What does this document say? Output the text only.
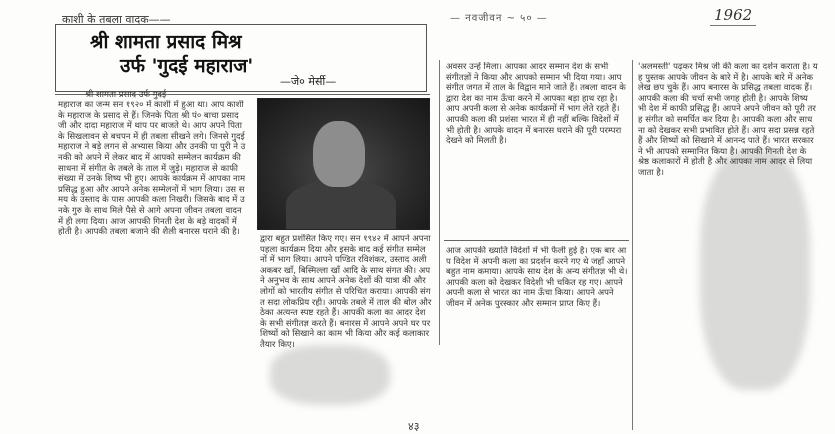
काशी के तबला वादक——	— नवजीवन ~ ५० —	1962
श्री शामता प्रसाद मिश्र
उर्फ 'गुदई महाराज'
—जे० मेर्सी—
श्री शामता प्रसाद उर्फ गुदई
महाराज का जन्म सन १९२० में काशी में हुआ था। आप काशी के महाराज के प्रसाद से हैं। जिनके पिता श्री पं० बाचा प्रसाद जी और दादा महाराज में थाप पर बाजते थे। आप अपने पिता के सिखलावन से बचपन में ही तबला सीखने लगे। जिनसे गुदई महाराज ने बड़े लगन से अभ्यास किया और उनकी पा पुरी ने उनकी को अपने में लेकर बाद में आपको सम्मेलन कार्यक्रम की साधना में संगीत के तबले के ताल में जुड़े। महाराज से काफी संख्या में उनके शिष्य भी हुए। आपके कार्यक्रम में आपका नाम प्रसिद्ध हुआ और आपने अनेक सम्मेलनों में भाग लिया। उस समय के उस्ताद के पास आपकी कला निखरी। जिसके बाद में उनके गुरु के साथ मिले पैसे से आगे अपना जीवन तबला वादन में ही लगा दिया। आज आपकी गिनती देश के बड़े वादकों में होती है। आपकी तबला बजाने की शैली बनारस घराने की है।
द्वारा बहुत प्रशंसित किए गए। सन १९४२ में आपने अपना पहला कार्यक्रम दिया और इसके बाद कई संगीत सम्मेलनों में भाग लिया। आपने पण्डित रविशंकर, उस्ताद अली अकबर खाँ, बिस्मिल्ला खाँ आदि के साथ संगत की। अपने अनुभव के साथ आपने अनेक देशों की यात्रा की और लोगों को भारतीय संगीत से परिचित कराया। आपकी संगत सदा लोकप्रिय रही। आपके तबले में ताल की बोल और ठेका अत्यन्त स्पष्ट रहते हैं। आपकी कला का आदर देश के सभी संगीतज्ञ करते हैं। बनारस में आपने अपने घर पर शिष्यों को सिखाने का काम भी किया और कई कलाकार तैयार किए।
अवसर उन्हें मिला। आपका आदर सम्मान देश के सभी संगीतज्ञों ने किया और आपको सम्मान भी दिया गया। आप संगीत जगत में ताल के विद्वान माने जाते हैं। तबला वादन के द्वारा देश का नाम ऊँचा करने में आपका बड़ा हाथ रहा है। आप अपनी कला से अनेक कार्यक्रमों में भाग लेते रहते हैं। आपकी कला की प्रशंसा भारत में ही नहीं बल्कि विदेशों में भी होती है। आपके वादन में बनारस घराने की पूरी परम्परा देखने को मिलती है।
आज आपकी ख्याति विदेशों में भी फैली हुई है। एक बार आप विदेश में अपनी कला का प्रदर्शन करने गए थे जहाँ आपने बहुत नाम कमाया। आपके साथ देश के अन्य संगीतज्ञ भी थे। आपकी कला को देखकर विदेशी भी चकित रह गए। आपने अपनी कला से भारत का नाम ऊँचा किया। आपने अपने जीवन में अनेक पुरस्कार और सम्मान प्राप्त किए हैं।
'अलमस्ती' पढ़कर मिश्र जी की कला का दर्शन कराता है। यह पुस्तक आपके जीवन के बारे में है। आपके बारे में अनेक लेख छप चुके हैं। आप बनारस के प्रसिद्ध तबला वादक हैं। आपकी कला की चर्चा सभी जगह होती है। आपके शिष्य भी देश में काफी प्रसिद्ध हैं। आपने अपने जीवन को पूरी तरह संगीत को समर्पित कर दिया है। आपकी कला और साधना को देखकर सभी प्रभावित होते हैं। आप सदा प्रसन्न रहते हैं और शिष्यों को सिखाने में आनन्द पाते हैं। भारत सरकार ने भी आपको सम्मानित किया है। आपकी गिनती देश के श्रेष्ठ कलाकारों में होती है और आपका नाम आदर से लिया जाता है।
४३
